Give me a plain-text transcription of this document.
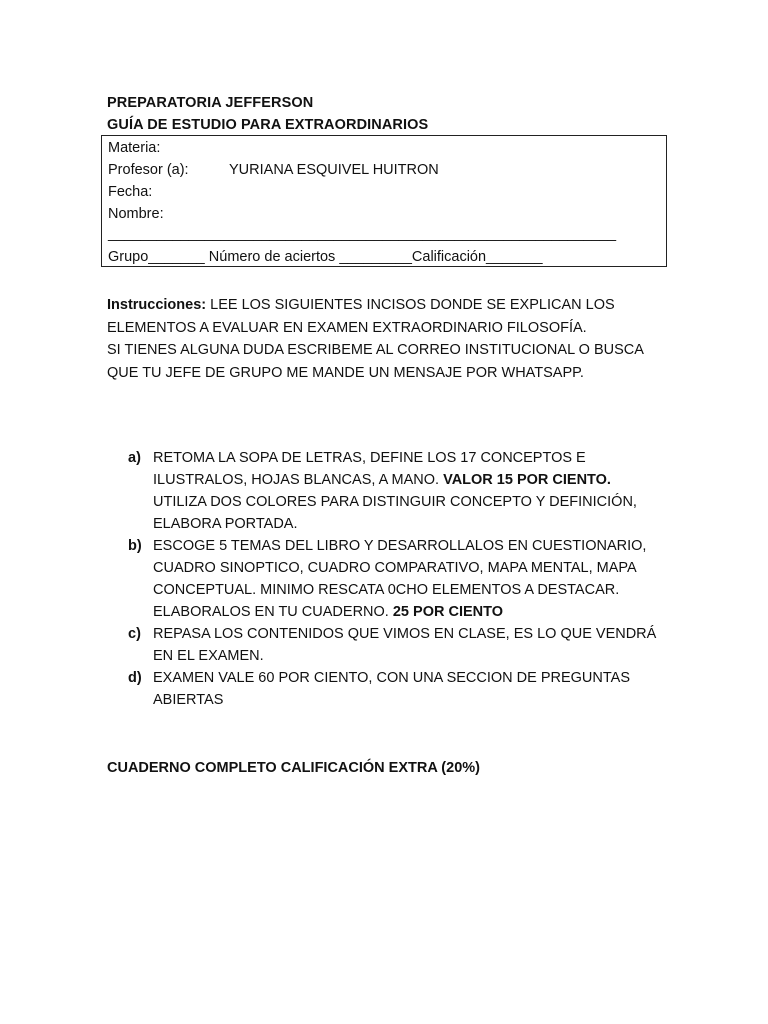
PREPARATORIA JEFFERSON
GUÍA DE ESTUDIO PARA EXTRAORDINARIOS
Materia:
Profesor (a):	YURIANA ESQUIVEL HUITRON
Fecha:
Nombre:
_______________________________________________________________
Grupo_______ Número de aciertos _________Calificación_______
Instrucciones: LEE LOS SIGUIENTES INCISOS DONDE SE EXPLICAN LOS
ELEMENTOS A EVALUAR EN EXAMEN EXTRAORDINARIO FILOSOFÍA.
SI TIENES ALGUNA DUDA ESCRIBEME AL CORREO INSTITUCIONAL O BUSCA
QUE TU JEFE DE GRUPO ME MANDE UN MENSAJE POR WHATSAPP.
a) RETOMA LA SOPA DE LETRAS, DEFINE LOS 17 CONCEPTOS E ILUSTRALOS, HOJAS BLANCAS, A MANO. VALOR 15 POR CIENTO. UTILIZA DOS COLORES PARA DISTINGUIR CONCEPTO Y DEFINICIÓN, ELABORA PORTADA.
b) ESCOGE 5 TEMAS DEL LIBRO Y DESARROLLALOS EN CUESTIONARIO, CUADRO SINOPTICO, CUADRO COMPARATIVO, MAPA MENTAL, MAPA CONCEPTUAL. MINIMO RESCATA 0CHO ELEMENTOS A DESTACAR. ELABORALOS EN TU CUADERNO. 25 POR CIENTO
c) REPASA LOS CONTENIDOS QUE VIMOS EN CLASE, ES LO QUE VENDRÁ EN EL EXAMEN.
d) EXAMEN VALE 60 POR CIENTO, CON UNA SECCION DE PREGUNTAS ABIERTAS
CUADERNO COMPLETO CALIFICACIÓN EXTRA (20%)
